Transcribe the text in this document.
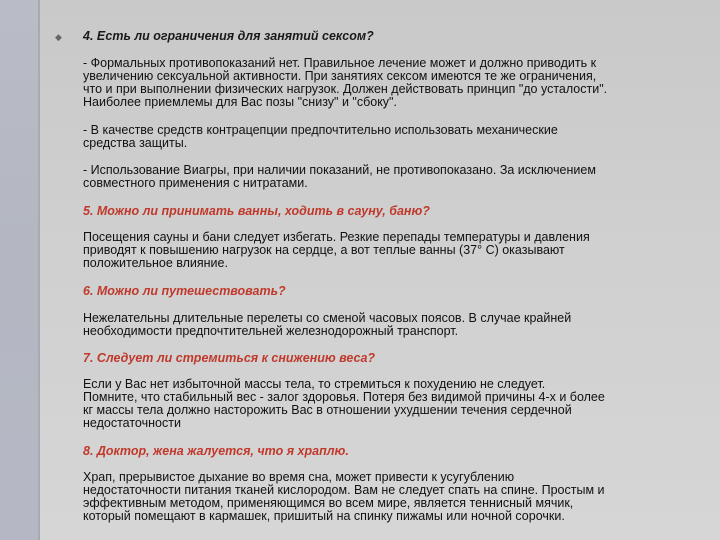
◆ 4. Есть ли ограничения для занятий сексом?

- Формальных противопоказаний нет. Правильное лечение может и должно приводить к
увеличению сексуальной активности. При занятиях сексом имеются те же ограничения,
что и при выполнении физических нагрузок. Должен действовать принцип "до усталости".
Наиболее приемлемы для Вас позы "снизу" и "сбоку".

- В качестве средств контрацепции предпочтительно использовать механические
средства защиты.

- Использование Виагры, при наличии показаний, не противопоказано. За исключением
совместного применения с нитратами.

5. Можно ли принимать ванны, ходить в сауну, баню?

Посещения сауны и бани следует избегать. Резкие перепады температуры и давления
приводят к повышению нагрузок на сердце, а вот теплые ванны (37° С) оказывают
положительное влияние.

6. Можно ли путешествовать?

Нежелательны длительные перелеты со сменой часовых поясов. В случае крайней
необходимости предпочтительней железнодорожный транспорт.

7. Следует ли стремиться к снижению веса?

Если у Вас нет избыточной массы тела, то стремиться к похудению не следует.
Помните, что стабильный вес - залог здоровья. Потеря без видимой причины 4-х и более
кг массы тела должно насторожить Вас в отношении ухудшении течения сердечной
недостаточности

8. Доктор, жена жалуется, что я храплю.

Храп, прерывистое дыхание во время сна, может привести к усугублению
недостаточности питания тканей кислородом. Вам не следует спать на спине. Простым и
эффективным методом, применяющимся во всем мире, является теннисный мячик,
который помещают в кармашек, пришитый на спинку пижамы или ночной сорочки.
